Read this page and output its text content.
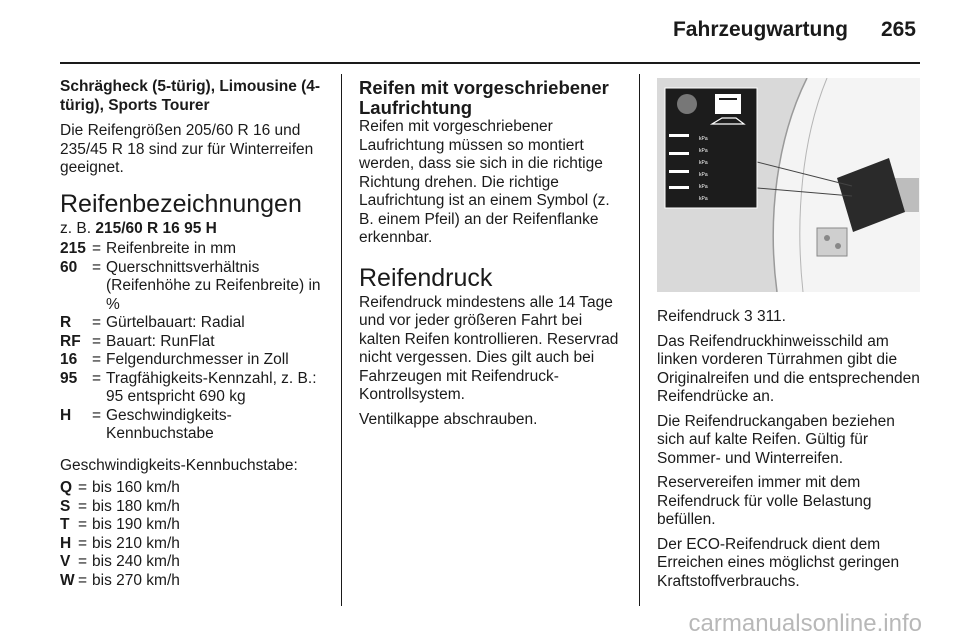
Fahrzeugwartung 265

Schrägheck (5-türig), Limousine (4-türig), Sports Tourer

Die Reifengrößen 205/60 R 16 und 235/45 R 18 sind zur für Winterreifen geeignet.

Reifenbezeichnungen

z. B. 215/60 R 16 95 H

215	=	Reifenbreite in mm
60	=	Querschnittsverhältnis (Reifenhöhe zu Reifenbreite) in %
R	=	Gürtelbauart: Radial
RF	=	Bauart: RunFlat
16	=	Felgendurchmesser in Zoll
95	=	Tragfähigkeits-Kennzahl, z. B.: 95 entspricht 690 kg
H	=	Geschwindigkeits-Kennbuchstabe

Geschwindigkeits-Kennbuchstabe:

Q	=	bis 160 km/h
S	=	bis 180 km/h
T	=	bis 190 km/h
H	=	bis 210 km/h
V	=	bis 240 km/h
W	=	bis 270 km/h
Reifen mit vorgeschriebener Laufrichtung

Reifen mit vorgeschriebener Laufrichtung müssen so montiert werden, dass sie sich in die richtige Richtung drehen. Die richtige Laufrichtung ist an einem Symbol (z. B. einem Pfeil) an der Reifenflanke erkennbar.

Reifendruck

Reifendruck mindestens alle 14 Tage und vor jeder größeren Fahrt bei kalten Reifen kontrollieren. Reservrad nicht vergessen. Dies gilt auch bei Fahrzeugen mit Reifendruck-Kontrollsystem.

Ventilkappe abschrauben.

kPa
kPa
kPa
kPa
kPa
kPa

Reifendruck 3 311.

Das Reifendruckhinweisschild am linken vorderen Türrahmen gibt die Originalreifen und die entsprechenden Reifendrücke an.

Die Reifendruckangaben beziehen sich auf kalte Reifen. Gültig für Sommer- und Winterreifen.

Reservereifen immer mit dem Reifendruck für volle Belastung befüllen.

Der ECO-Reifendruck dient dem Erreichen eines möglichst geringen Kraftstoffverbrauchs.

carmanualsonline.info
